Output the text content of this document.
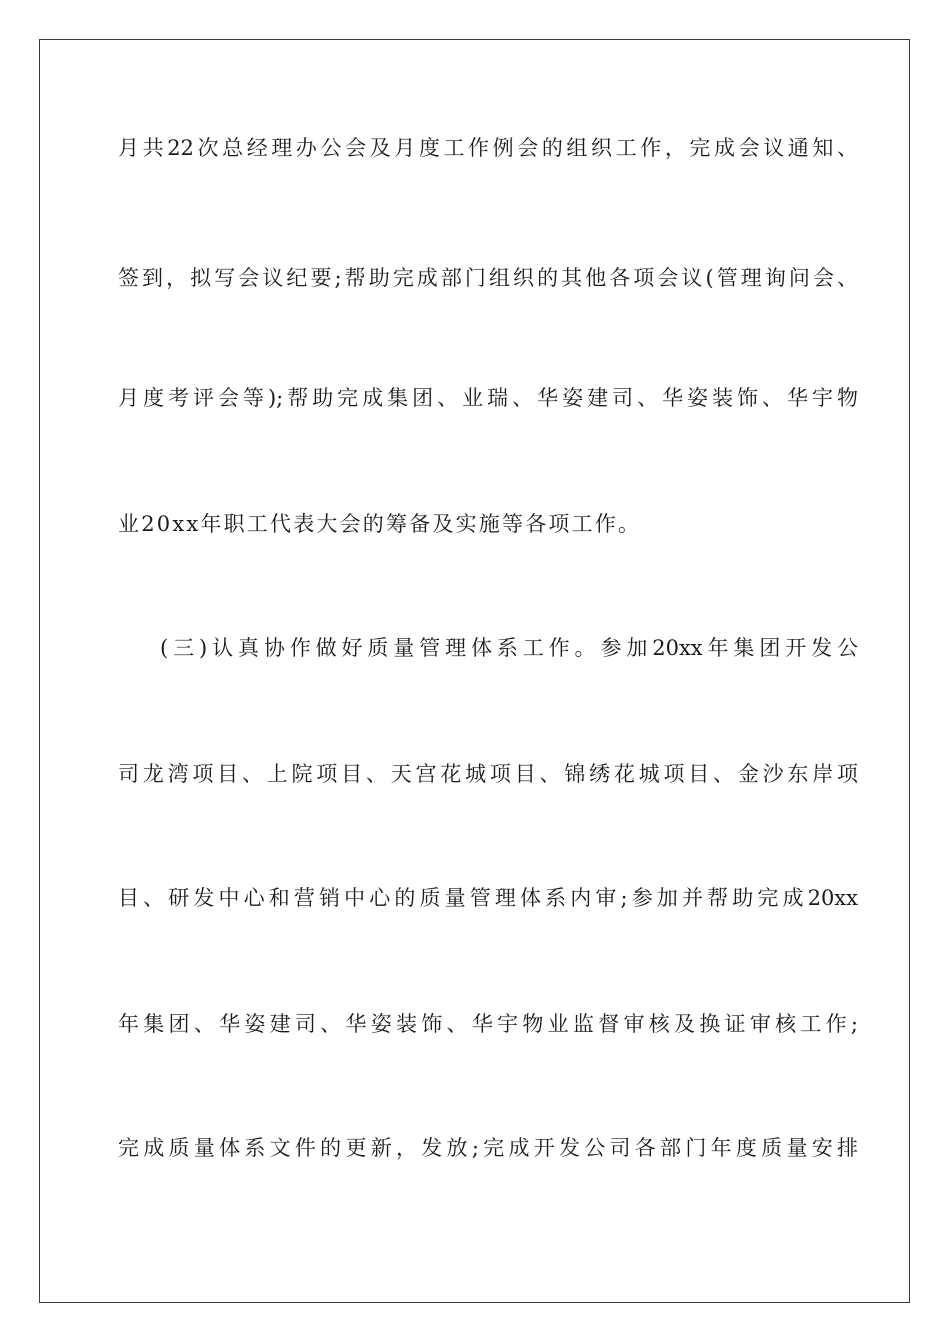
月共22次总经理办公会及月度工作例会的组织工作，完成会议通知、
签到，拟写会议纪要;帮助完成部门组织的其他各项会议(管理询问会、
月度考评会等);帮助完成集团、业瑞、华姿建司、华姿装饰、华宇物
业20xx年职工代表大会的筹备及实施等各项工作。
(三)认真协作做好质量管理体系工作。参加20xx年集团开发公
司龙湾项目、上院项目、天宫花城项目、锦绣花城项目、金沙东岸项
目、研发中心和营销中心的质量管理体系内审;参加并帮助完成20xx
年集团、华姿建司、华姿装饰、华宇物业监督审核及换证审核工作;
完成质量体系文件的更新，发放;完成开发公司各部门年度质量安排
